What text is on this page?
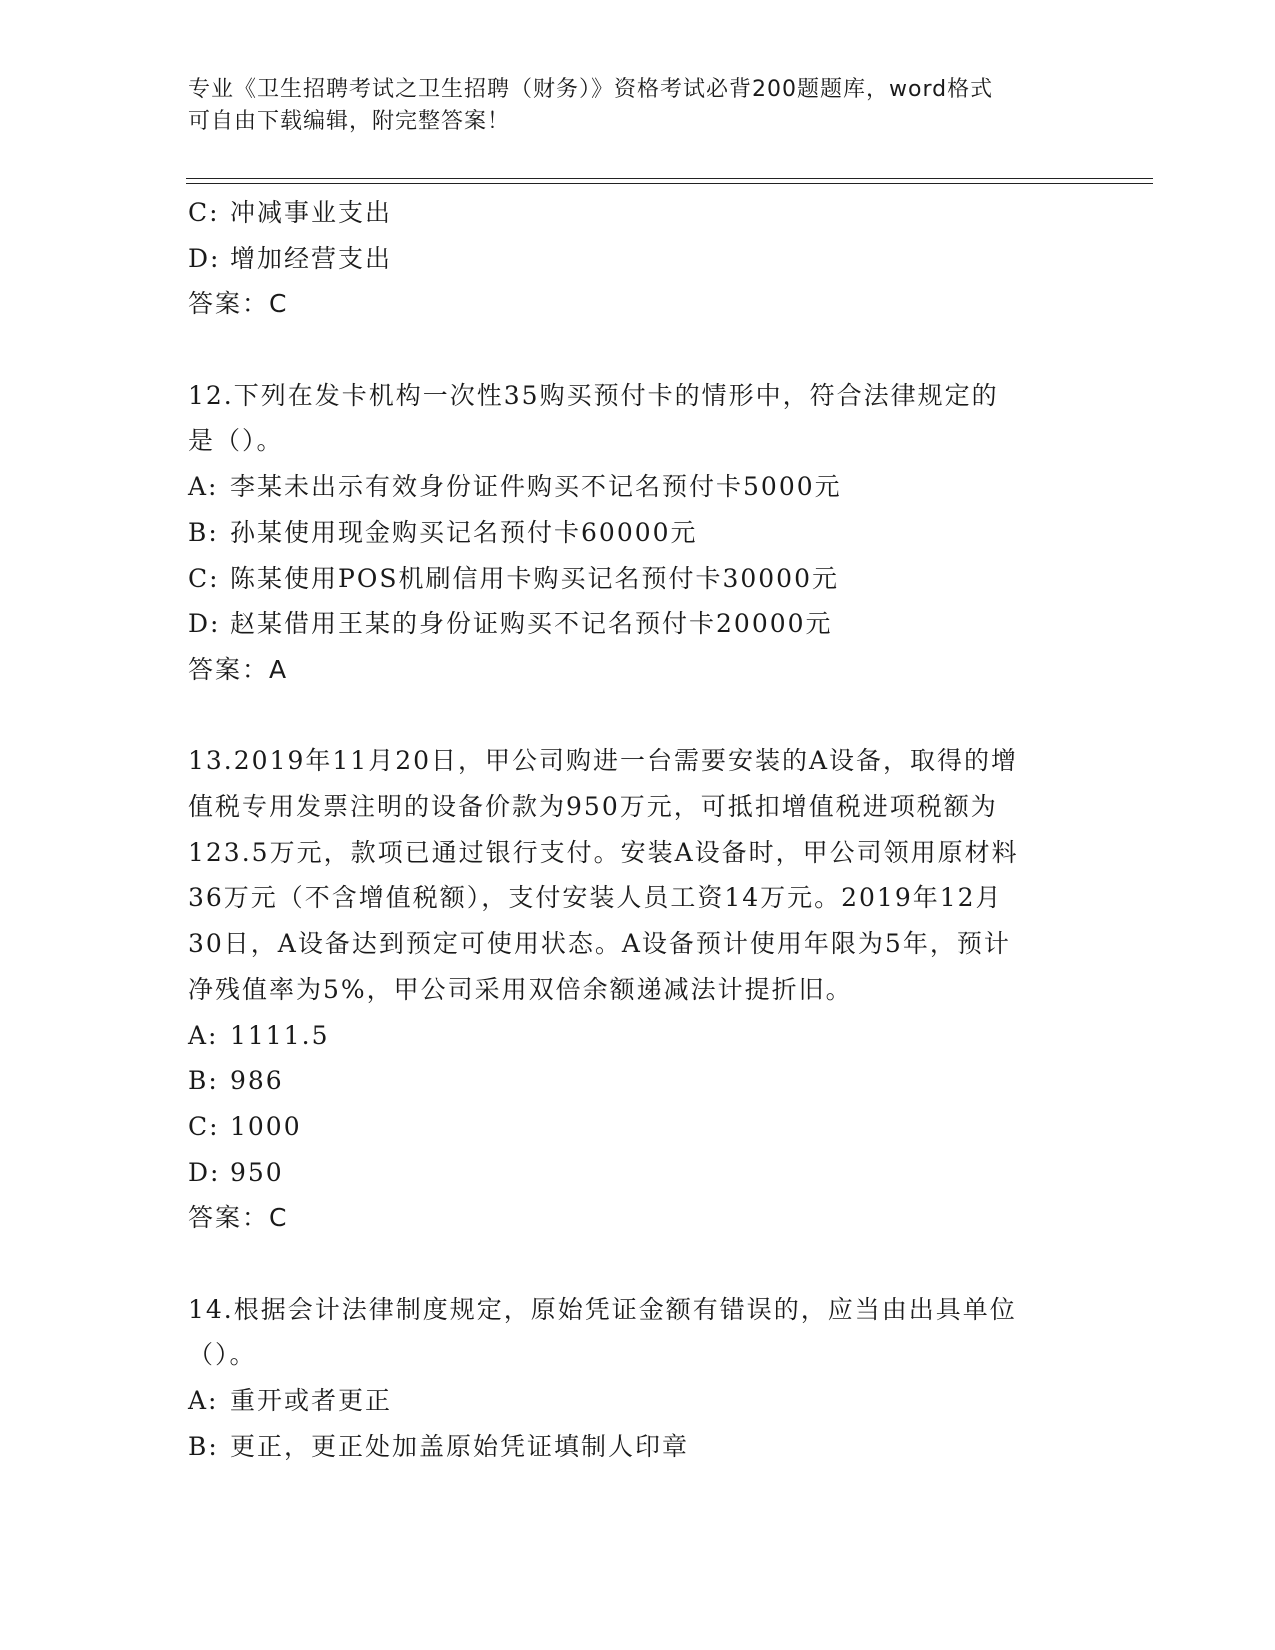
专业《卫生招聘考试之卫生招聘（财务）》资格考试必背200题题库，word格式
可自由下载编辑，附完整答案！
C: 冲减事业支出
D: 增加经营支出
答案：C
12.下列在发卡机构一次性35购买预付卡的情形中，符合法律规定的
是（）。
A: 李某未出示有效身份证件购买不记名预付卡5000元
B: 孙某使用现金购买记名预付卡60000元
C: 陈某使用POS机刷信用卡购买记名预付卡30000元
D: 赵某借用王某的身份证购买不记名预付卡20000元
答案：A
13.2019年11月20日，甲公司购进一台需要安装的A设备，取得的增
值税专用发票注明的设备价款为950万元，可抵扣增值税进项税额为
123.5万元，款项已通过银行支付。安装A设备时，甲公司领用原材料
36万元（不含增值税额），支付安装人员工资14万元。2019年12月
30日，A设备达到预定可使用状态。A设备预计使用年限为5年，预计
净残值率为5%，甲公司采用双倍余额递减法计提折旧。
A: 1111.5
B: 986
C: 1000
D: 950
答案：C
14.根据会计法律制度规定，原始凭证金额有错误的，应当由出具单位
（）。
A: 重开或者更正
B: 更正，更正处加盖原始凭证填制人印章
